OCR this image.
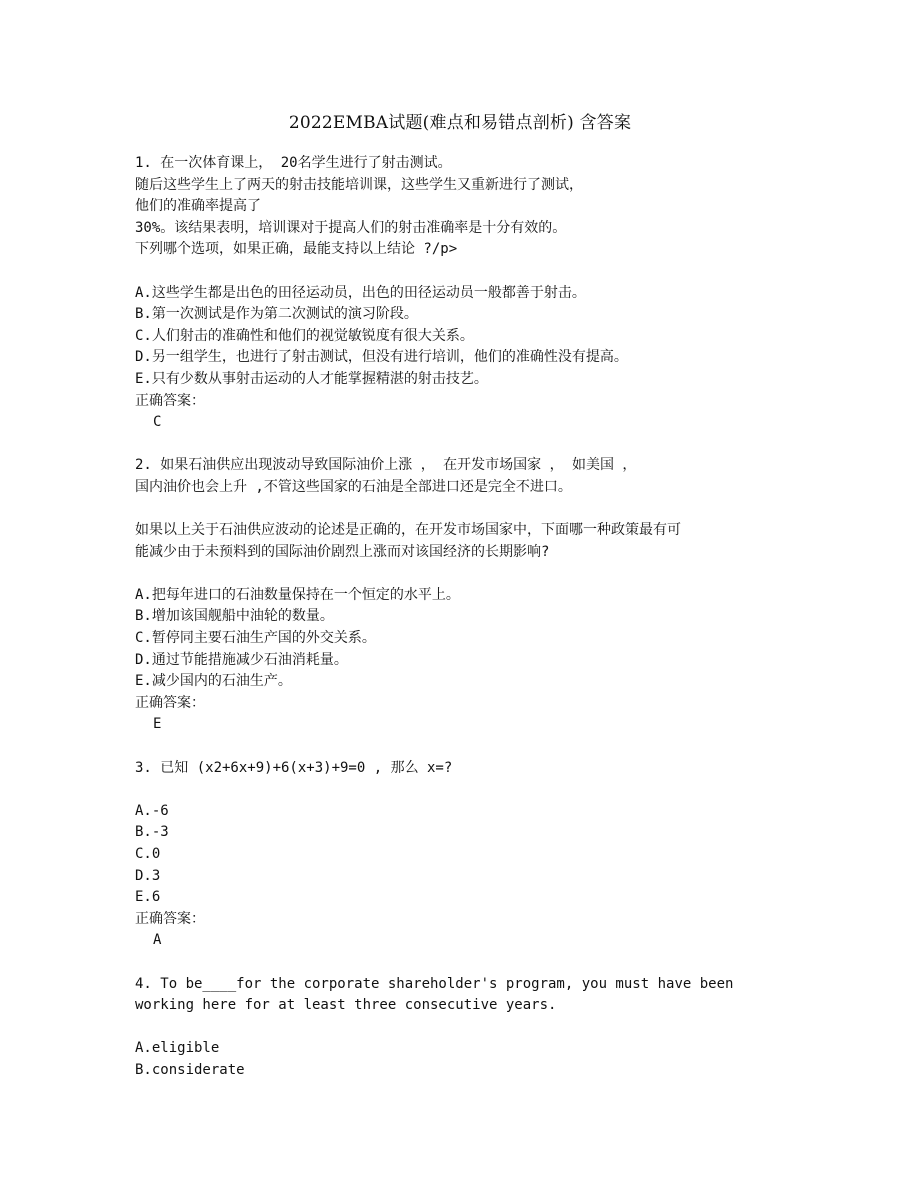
2022EMBA试题(难点和易错点剖析) 含答案
1. 在一次体育课上， 20名学生进行了射击测试。
随后这些学生上了两天的射击技能培训课，这些学生又重新进行了测试，
他们的准确率提高了
30%。该结果表明，培训课对于提高人们的射击准确率是十分有效的。
下列哪个选项，如果正确，最能支持以上结论 ?/p>
A.这些学生都是出色的田径运动员，出色的田径运动员一般都善于射击。
B.第一次测试是作为第二次测试的演习阶段。
C.人们射击的准确性和他们的视觉敏锐度有很大关系。
D.另一组学生，也进行了射击测试，但没有进行培训，他们的准确性没有提高。
E.只有少数从事射击运动的人才能掌握精湛的射击技艺。
正确答案：
C
2. 如果石油供应出现波动导致国际油价上涨 ， 在开发市场国家 ， 如美国 ，
国内油价也会上升 ,不管这些国家的石油是全部进口还是完全不进口。
如果以上关于石油供应波动的论述是正确的，在开发市场国家中，下面哪一种政策最有可
能减少由于未预料到的国际油价剧烈上涨而对该国经济的长期影响?
A.把每年进口的石油数量保持在一个恒定的水平上。
B.增加该国舰船中油轮的数量。
C.暂停同主要石油生产国的外交关系。
D.通过节能措施减少石油消耗量。
E.减少国内的石油生产。
正确答案：
E
3. 已知 (x2+6x+9)+6(x+3)+9=0 , 那么 x=?
A.-6
B.-3
C.0
D.3
E.6
正确答案：
A
4. To be____for the corporate shareholder's program, you must have been
working here for at least three consecutive years.
A.eligible
B.considerate
